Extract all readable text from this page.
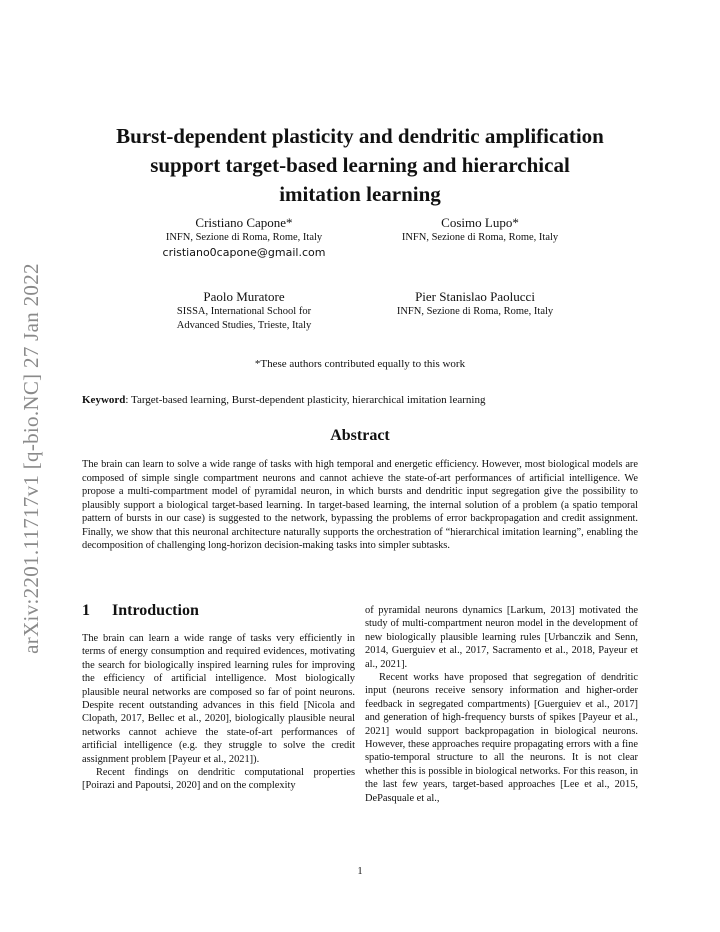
arXiv:2201.11717v1 [q-bio.NC] 27 Jan 2022
Burst-dependent plasticity and dendritic amplification
support target-based learning and hierarchical
imitation learning
Cristiano Capone*
INFN, Sezione di Roma, Rome, Italy
cristiano0capone@gmail.com
Cosimo Lupo*
INFN, Sezione di Roma, Rome, Italy
Paolo Muratore
SISSA, International School for
Advanced Studies, Trieste, Italy
Pier Stanislao Paolucci
INFN, Sezione di Roma, Rome, Italy
*These authors contributed equally to this work
Keyword: Target-based learning, Burst-dependent plasticity, hierarchical imitation learning
Abstract
The brain can learn to solve a wide range of tasks with high temporal and energetic efficiency. However, most biological models are composed of simple single compartment neurons and cannot achieve the state-of-art performances of artificial intelligence. We propose a multi-compartment model of pyramidal neuron, in which bursts and dendritic input segregation give the possibility to plausibly support a biological target-based learning. In target-based learning, the internal solution of a problem (a spatio temporal pattern of bursts in our case) is suggested to the network, bypassing the problems of error backpropagation and credit assignment. Finally, we show that this neuronal architecture naturally supports the orchestration of “hierarchical imitation learning”, enabling the decomposition of challenging long-horizon decision-making tasks into simpler subtasks.
1 Introduction

The brain can learn a wide range of tasks very efficiently in terms of energy consumption and required evidences, motivating the search for biologically inspired learning rules for improving the efficiency of artificial intelligence. Most biologically plausible neural networks are composed so far of point neurons. Despite recent outstanding advances in this field [Nicola and Clopath, 2017, Bellec et al., 2020], biologically plausible neural networks cannot achieve the state-of-art performances of artificial intelligence (e.g. they struggle to solve the credit assignment problem [Payeur et al., 2021]).

Recent findings on dendritic computational properties [Poirazi and Papoutsi, 2020] and on the complexity

of pyramidal neurons dynamics [Larkum, 2013] motivated the study of multi-compartment neuron model in the development of new biologically plausible learning rules [Urbanczik and Senn, 2014, Guerguiev et al., 2017, Sacramento et al., 2018, Payeur et al., 2021].

Recent works have proposed that segregation of dendritic input (neurons receive sensory information and higher-order feedback in segregated compartments) [Guerguiev et al., 2017] and generation of high-frequency bursts of spikes [Payeur et al., 2021] would support backpropagation in biological neurons. However, these approaches require propagating errors with a fine spatio-temporal structure to all the neurons. It is not clear whether this is possible in biological networks. For this reason, in the last few years, target-based approaches [Lee et al., 2015, DePasquale et al.,

1
